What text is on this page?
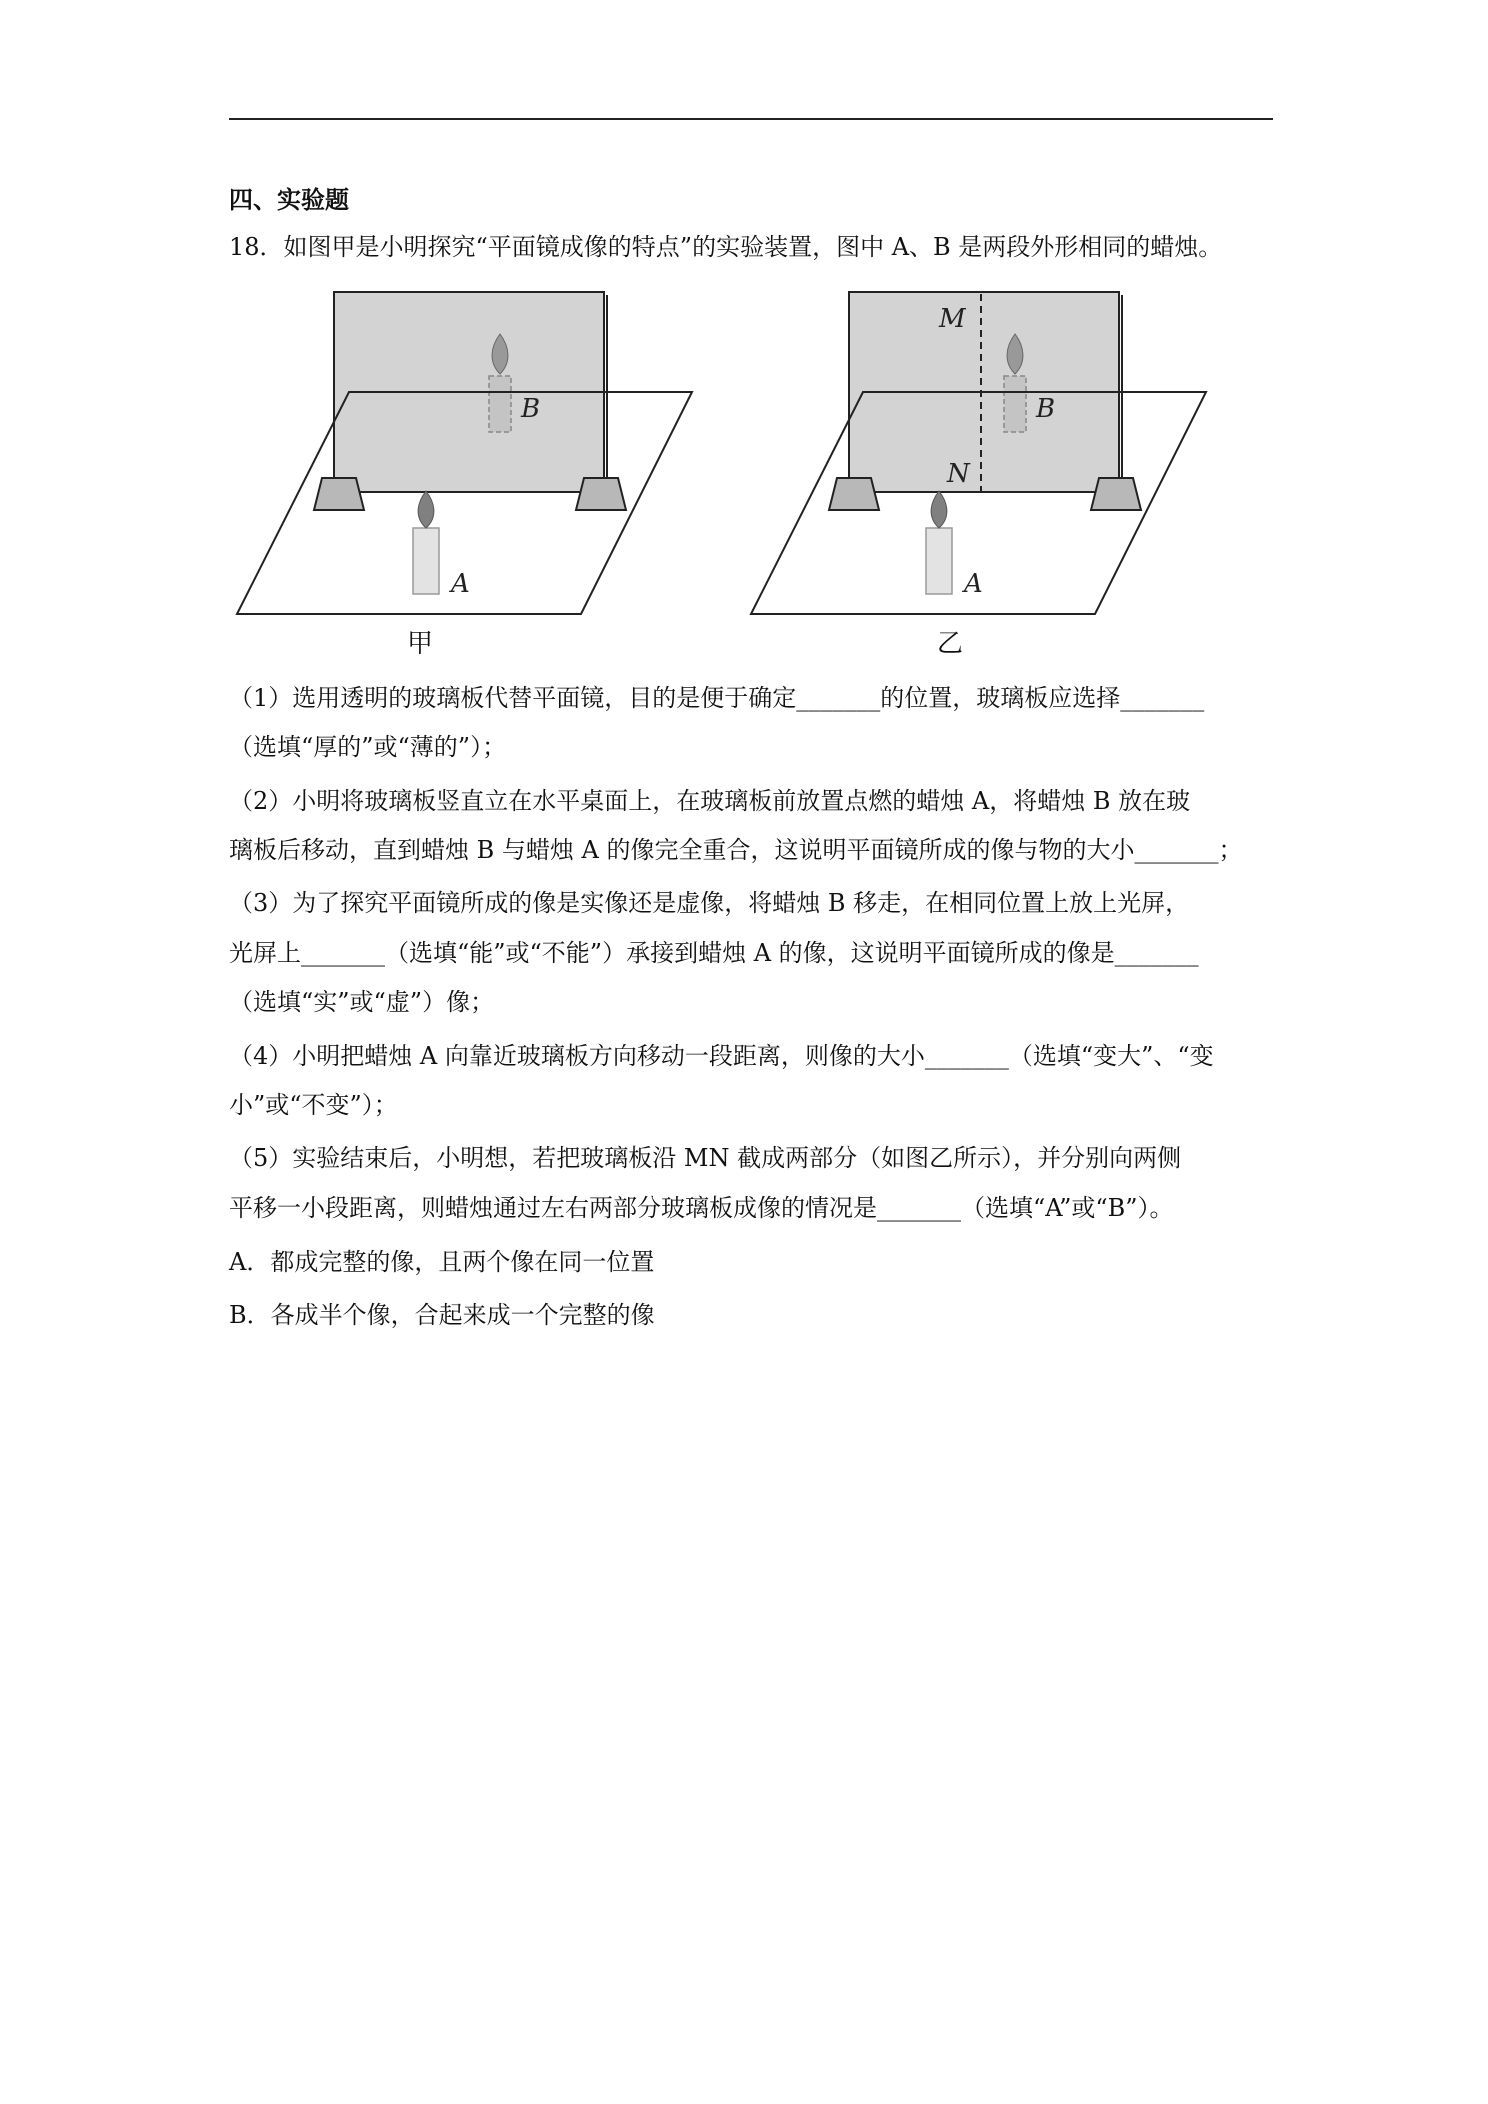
四、实验题
18．如图甲是小明探究“平面镜成像的特点”的实验装置，图中 A、B 是两段外形相同的蜡烛。
B
A
甲
M
N
B
A
乙
（1）选用透明的玻璃板代替平面镜，目的是便于确定_______的位置，玻璃板应选择_______
（选填“厚的”或“薄的”）；
（2）小明将玻璃板竖直立在水平桌面上，在玻璃板前放置点燃的蜡烛 A，将蜡烛 B 放在玻
璃板后移动，直到蜡烛 B 与蜡烛 A 的像完全重合，这说明平面镜所成的像与物的大小_______；
（3）为了探究平面镜所成的像是实像还是虚像，将蜡烛 B 移走，在相同位置上放上光屏，
光屏上_______（选填“能”或“不能”）承接到蜡烛 A 的像，这说明平面镜所成的像是_______
（选填“实”或“虚”）像；
（4）小明把蜡烛 A 向靠近玻璃板方向移动一段距离，则像的大小_______（选填“变大”、“变
小”或“不变”）；
（5）实验结束后，小明想，若把玻璃板沿 MN 截成两部分（如图乙所示），并分别向两侧
平移一小段距离，则蜡烛通过左右两部分玻璃板成像的情况是_______（选填“A”或“B”）。
A．都成完整的像，且两个像在同一位置
B．各成半个像，合起来成一个完整的像
